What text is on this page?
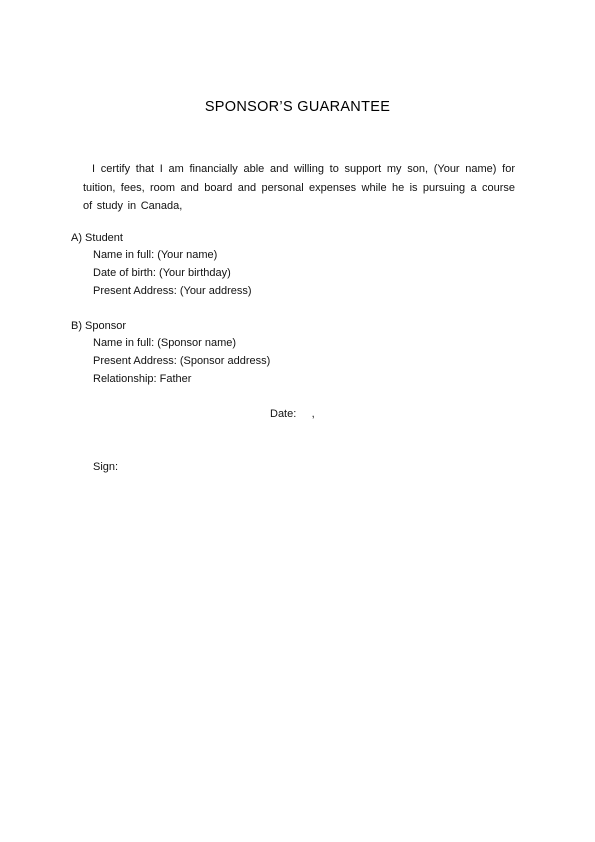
SPONSOR’S GUARANTEE
I certify that I am financially able and willing to support my son, (Your name) for tuition, fees, room and board and personal expenses while he is pursuing a course of study in Canada,
A) Student
Name in full: (Your name)
Date of birth: (Your birthday)
Present Address: (Your address)
B) Sponsor
Name in full: (Sponsor name)
Present Address: (Sponsor address)
Relationship: Father
Date:     ,
Sign:
